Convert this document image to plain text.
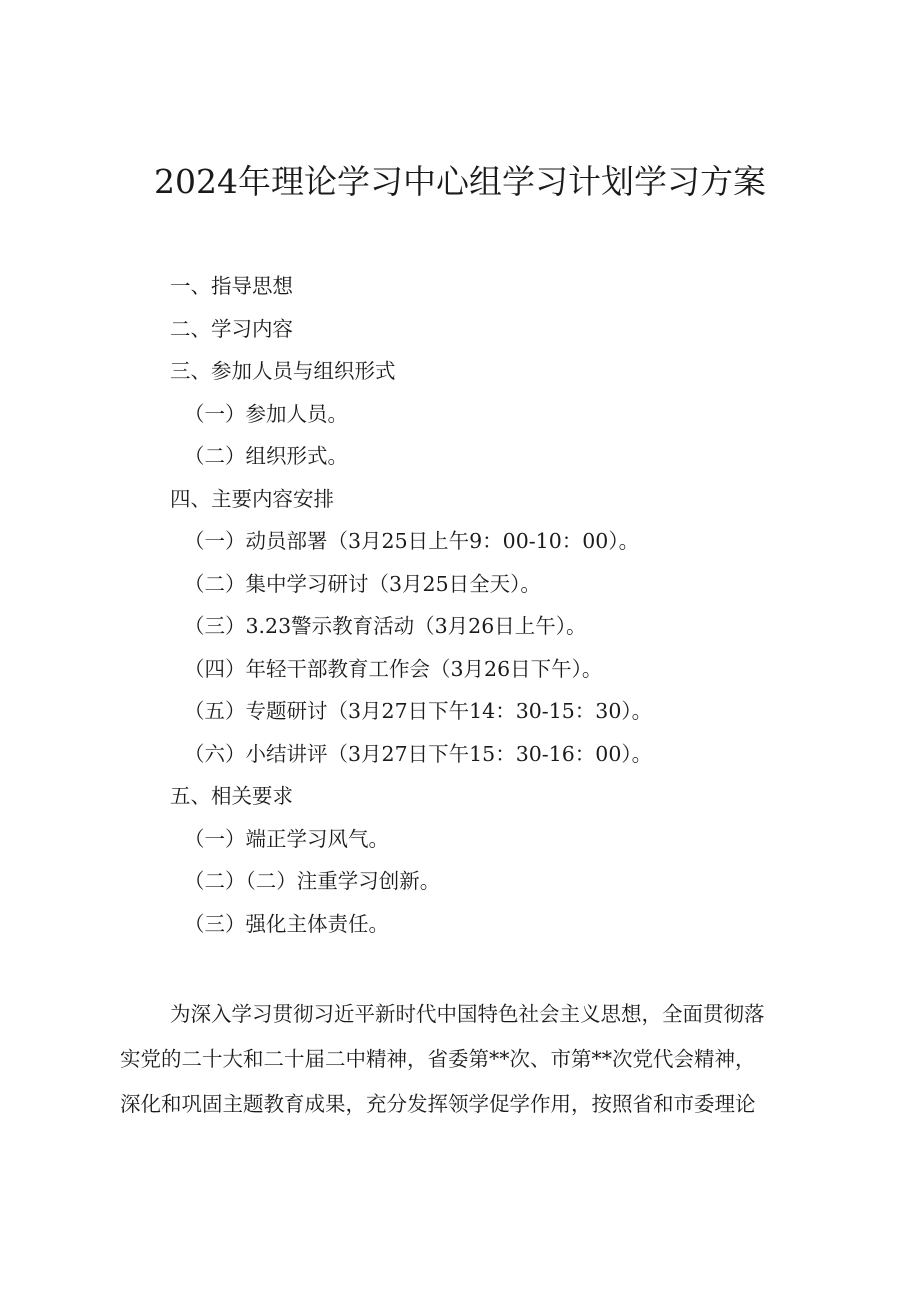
2024年理论学习中心组学习计划学习方案
一、指导思想
二、学习内容
三、参加人员与组织形式
（一）参加人员。
（二）组织形式。
四、主要内容安排
（一）动员部署（3月25日上午9：00-10：00）。
（二）集中学习研讨（3月25日全天）。
（三）3.23警示教育活动（3月26日上午）。
（四）年轻干部教育工作会（3月26日下午）。
（五）专题研讨（3月27日下午14：30-15：30）。
（六）小结讲评（3月27日下午15：30-16：00）。
五、相关要求
（一）端正学习风气。
（二）（二）注重学习创新。
（三）强化主体责任。
为深入学习贯彻习近平新时代中国特色社会主义思想，全面贯彻落
实党的二十大和二十届二中精神，省委第**次、市第**次党代会精神，
深化和巩固主题教育成果，充分发挥领学促学作用，按照省和市委理论
